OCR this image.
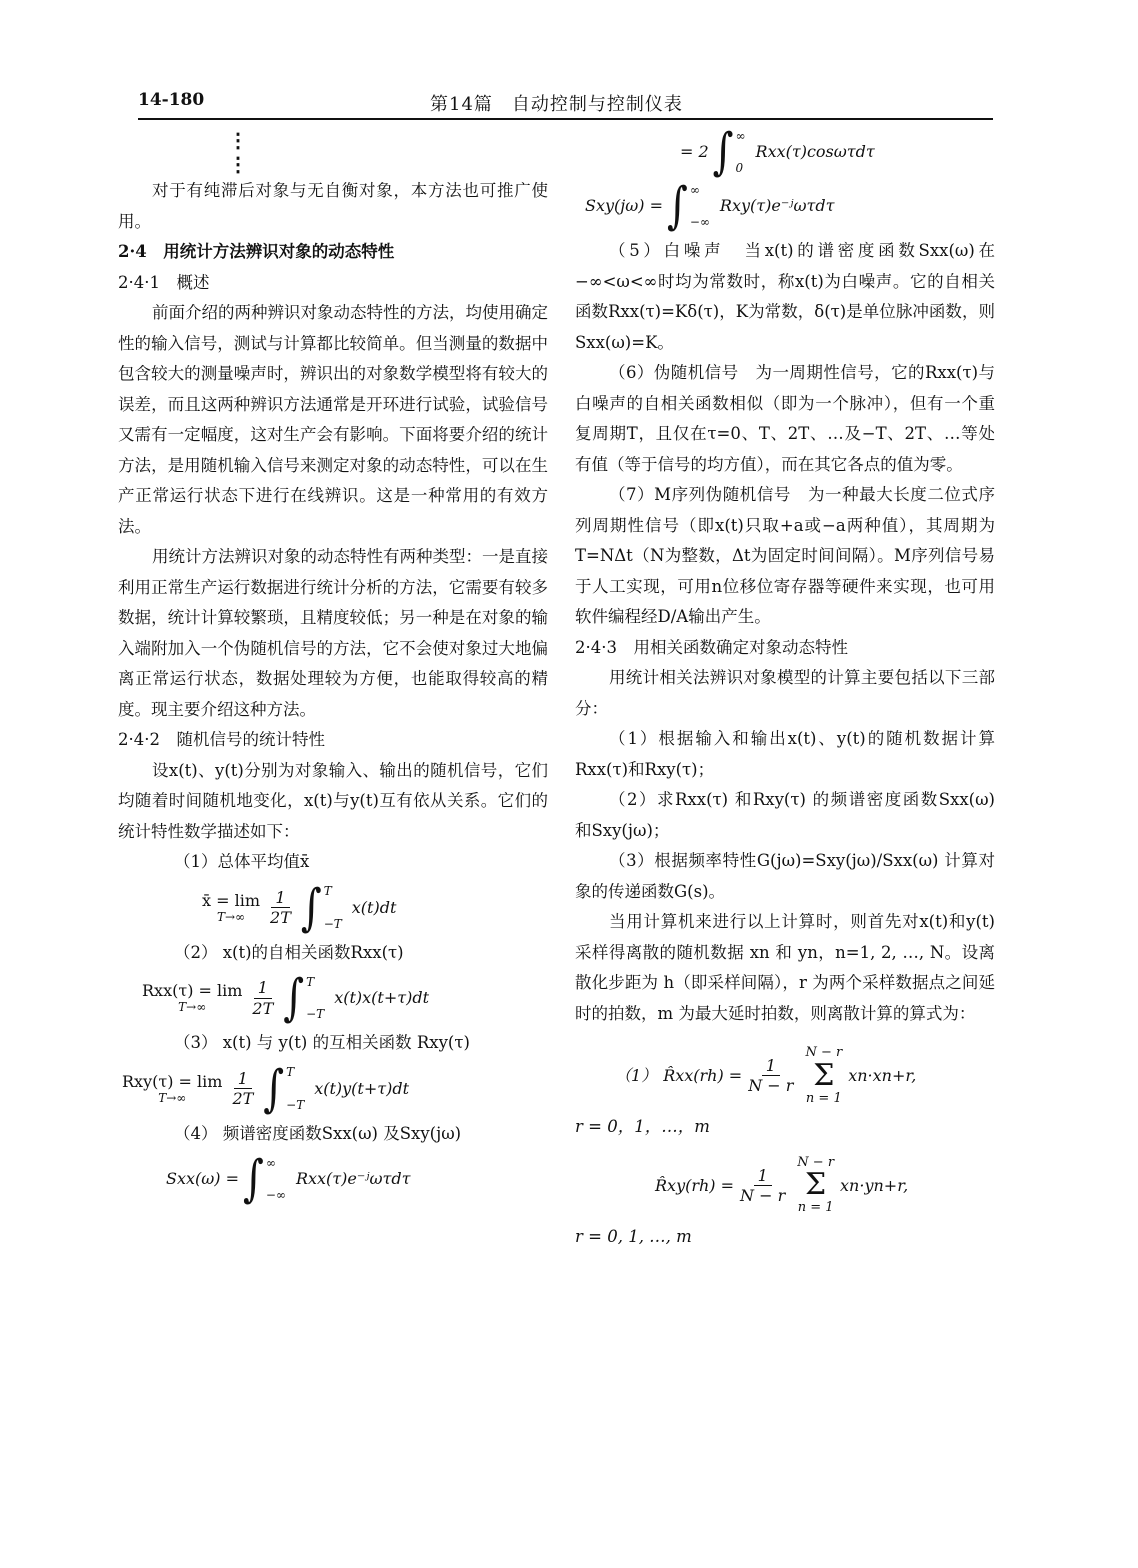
14-180	第14篇　自动控制与控制仪表
⋮
⋮

对于有纯滞后对象与无自衡对象，本方法也可推广使用。

2·4　用统计方法辨识对象的动态特性

2·4·1　概述

前面介绍的两种辨识对象动态特性的方法，均使用确定性的输入信号，测试与计算都比较简单。但当测量的数据中包含较大的测量噪声时，辨识出的对象数学模型将有较大的误差，而且这两种辨识方法通常是开环进行试验，试验信号又需有一定幅度，这对生产会有影响。下面将要介绍的统计方法，是用随机输入信号来测定对象的动态特性，可以在生产正常运行状态下进行在线辨识。这是一种常用的有效方法。

用统计方法辨识对象的动态特性有两种类型：一是直接利用正常生产运行数据进行统计分析的方法，它需要有较多数据，统计计算较繁琐，且精度较低；另一种是在对象的输入端附加入一个伪随机信号的方法，它不会使对象过大地偏离正常运行状态，数据处理较为方便，也能取得较高的精度。现主要介绍这种方法。

2·4·2　随机信号的统计特性

设x(t)、y(t)分别为对象输入、输出的随机信号，它们均随着时间随机地变化，x(t)与y(t)互有依从关系。它们的统计特性数学描述如下：

（1）总体平均值x̄

x̄ = lim
$T\to\infty \frac{1}{2T}$ ∫ T
−T
x(t)dt

（2） x(t)的自相关函数Rxx(τ)

Rxx(τ) = lim
T→∞	$\frac{1}{2T}$ ∫ T
−T
x(t)x(t+τ)dt

（3） x(t) 与 y(t) 的互相关函数 Rxy(τ)

Rxy(τ) = lim
T→∞	$\frac{1}{2T}$ ∫ T
−T
x(t)y(t+τ)dt

（4） 频谱密度函数Sxx(ω) 及Sxy(jω)

Sxx(ω) = ∫ ∞
−∞
Rxx(τ)e⁻ʲωτdτ
= 2 ∫ ∞
0
Rxx(τ)cosωτdτ
Sxy(jω) = ∫ ∞
−∞
Rxy(τ)e⁻ʲωτdτ

（5）白噪声　当x(t)的谱密度函数Sxx(ω)在−∞<ω<∞时均为常数时，称x(t)为白噪声。它的自相关函数Rxx(τ)=Kδ(τ)，K为常数，δ(τ)是单位脉冲函数，则Sxx(ω)=K。

（6）伪随机信号　为一周期性信号，它的Rxx(τ)与白噪声的自相关函数相似（即为一个脉冲），但有一个重复周期T，且仅在τ=0、T、2T、…及−T、2T、…等处有值（等于信号的均方值），而在其它各点的值为零。

（7）M序列伪随机信号　为一种最大长度二位式序列周期性信号（即x(t)只取+a或−a两种值），其周期为T=NΔt（N为整数，Δt为固定时间间隔）。M序列信号易于人工实现，可用n位移位寄存器等硬件来实现，也可用软件编程经D/A输出产生。

2·4·3　用相关函数确定对象动态特性

用统计相关法辨识对象模型的计算主要包括以下三部分：

（1）根据输入和输出x(t)、y(t)的随机数据计算Rxx(τ)和Rxy(τ)；

（2）求Rxx(τ) 和Rxy(τ) 的频谱密度函数Sxx(ω) 和Sxy(jω)；

（3）根据频率特性G(jω)=Sxy(jω)/Sxx(ω) 计算对象的传递函数G(s)。

当用计算机来进行以上计算时，则首先对x(t)和y(t)采样得离散的随机数据 xn 和 yn，n=1, 2, …, N。设离散化步距为 h（即采样间隔），r 为两个采样数据点之间延时的拍数，m 为最大延时拍数，则离散计算的算式为：

（1） R̂xx(rh) = $\frac{1}{N - r}$
N − r
Σ
n = 1
xn·xn+r,

r = 0，1，…，m

R̂xy(rh) = $\frac{1}{N - r}$
N − r
Σ
n = 1
xn·yn+r,

r = 0, 1, …, m
